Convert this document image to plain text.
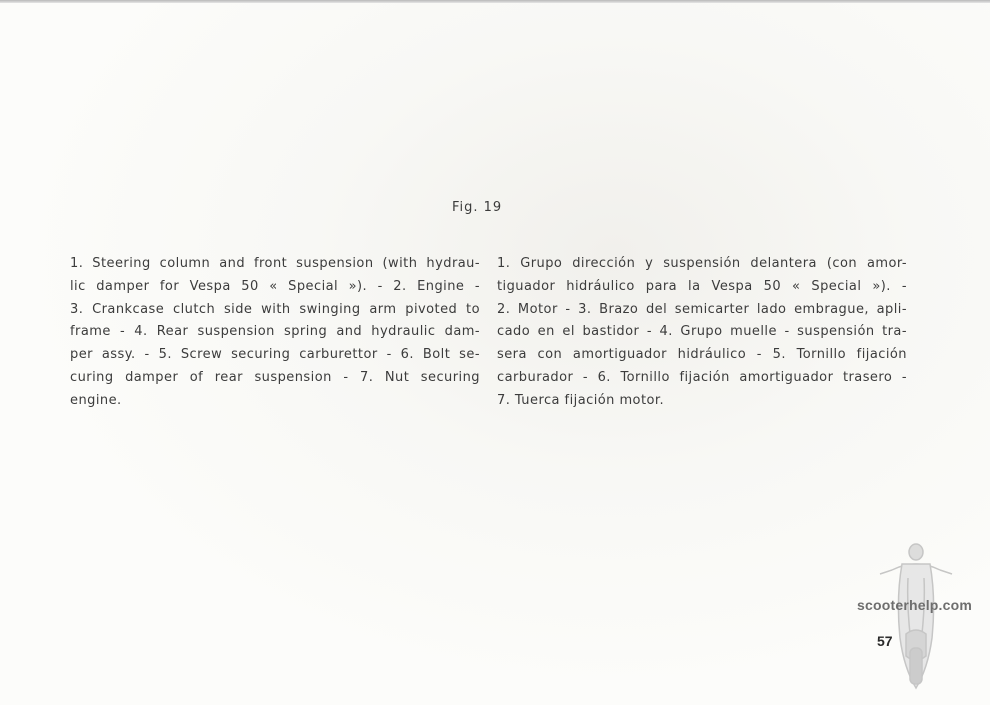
Fig. 19
1. Steering column and front suspension (with hydrau-
lic damper for Vespa 50 « Special »). - 2. Engine -
3. Crankcase clutch side with swinging arm pivoted to
frame - 4. Rear suspension spring and hydraulic dam-
per assy. - 5. Screw securing carburettor - 6. Bolt se-
curing damper of rear suspension - 7. Nut securing
engine.
1. Grupo dirección y suspensión delantera (con amor-
tiguador hidráulico para la Vespa 50 « Special »). -
2. Motor - 3. Brazo del semicarter lado embrague, apli-
cado en el bastidor - 4. Grupo muelle - suspensión tra-
sera con amortiguador hidráulico - 5. Tornillo fijación
carburador - 6. Tornillo fijación amortiguador trasero -
7. Tuerca fijación motor.
scooterhelp.com
57
